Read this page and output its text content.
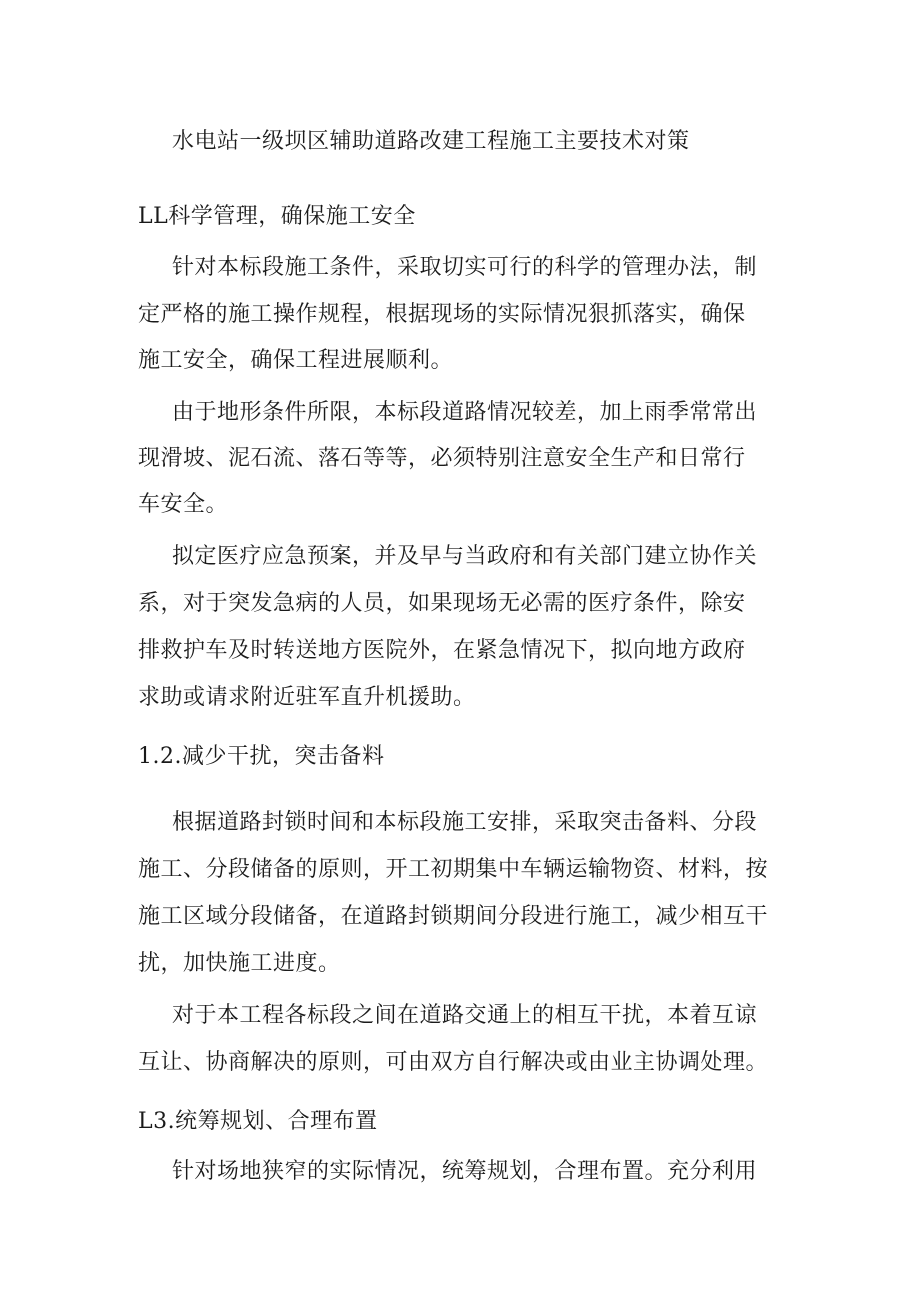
水电站一级坝区辅助道路改建工程施工主要技术对策
LL科学管理，确保施工安全
针对本标段施工条件，采取切实可行的科学的管理办法，制
定严格的施工操作规程，根据现场的实际情况狠抓落实，确保
施工安全，确保工程进展顺利。
由于地形条件所限，本标段道路情况较差，加上雨季常常出
现滑坡、泥石流、落石等等，必须特别注意安全生产和日常行
车安全。
拟定医疗应急预案，并及早与当政府和有关部门建立协作关
系，对于突发急病的人员，如果现场无必需的医疗条件，除安
排救护车及时转送地方医院外，在紧急情况下，拟向地方政府
求助或请求附近驻军直升机援助。
1.2.减少干扰，突击备料
根据道路封锁时间和本标段施工安排，采取突击备料、分段
施工、分段储备的原则，开工初期集中车辆运输物资、材料，按
施工区域分段储备，在道路封锁期间分段进行施工，减少相互干
扰，加快施工进度。
对于本工程各标段之间在道路交通上的相互干扰，本着互谅
互让、协商解决的原则，可由双方自行解决或由业主协调处理。
L3.统筹规划、合理布置
针对场地狭窄的实际情况，统筹规划，合理布置。充分利用
